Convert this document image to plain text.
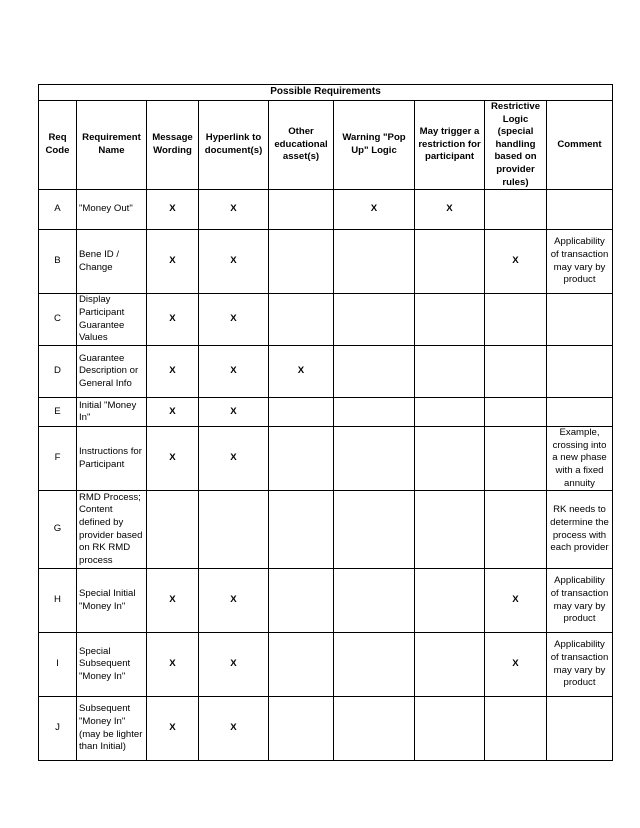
Possible Requirements								
Req Code	Requirement Name	Message Wording	Hyperlink to document(s)	Other educational asset(s)	Warning "Pop Up" Logic	May trigger a restriction for participant	Restrictive Logic (special handling based on provider rules)	Comment
A	"Money Out"	X	X		X	X		
B	Bene ID / Change	X	X				X	Applicability of transaction may vary by product
C	Display Participant Guarantee Values	X	X					
D	Guarantee Description or General Info	X	X	X				
E	Initial "Money In"	X	X					
F	Instructions for Participant	X	X					Example, crossing into a new phase with a fixed annuity
G	RMD Process; Content defined by provider based on RK RMD process							RK needs to determine the process with each provider
H	Special Initial "Money In"	X	X				X	Applicability of transaction may vary by product
I	Special Subsequent "Money In"	X	X				X	Applicability of transaction may vary by product
J	Subsequent "Money In" (may be lighter than Initial)	X	X					
